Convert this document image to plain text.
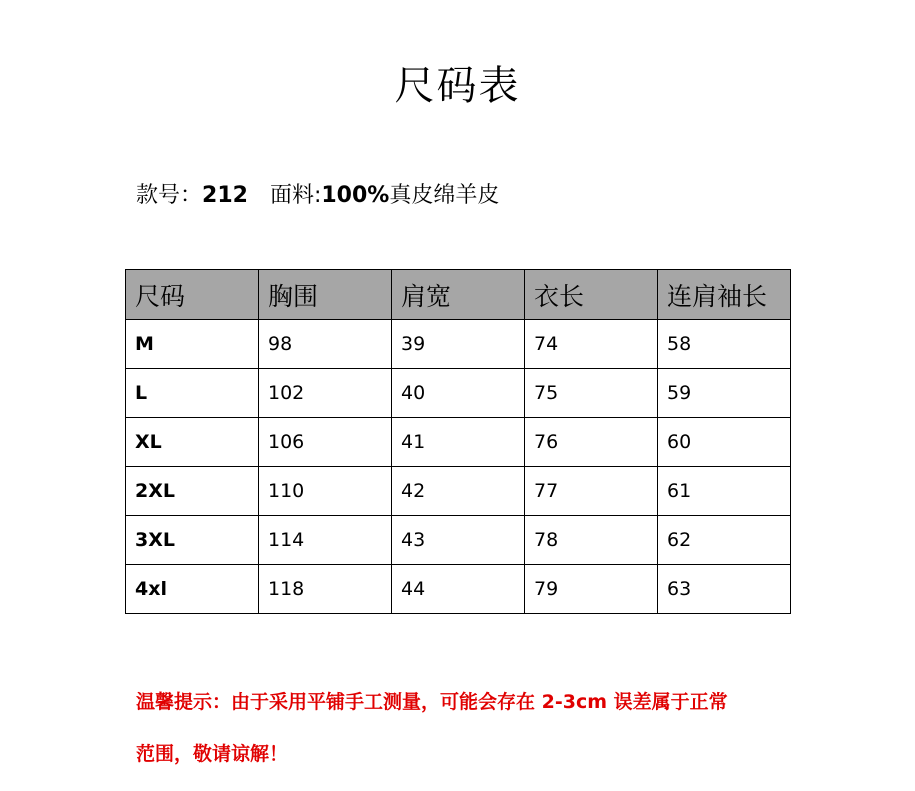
尺码表
款号：212 面料:100%真皮绵羊皮
尺码	胸围	肩宽	衣长	连肩袖长
M	98	39	74	58
L	102	40	75	59
XL	106	41	76	60
2XL	110	42	77	61
3XL	114	43	78	62
4xl	118	44	79	63
温馨提示：由于采用平铺手工测量，可能会存在 2-3cm 误差属于正常
范围，敬请谅解！
